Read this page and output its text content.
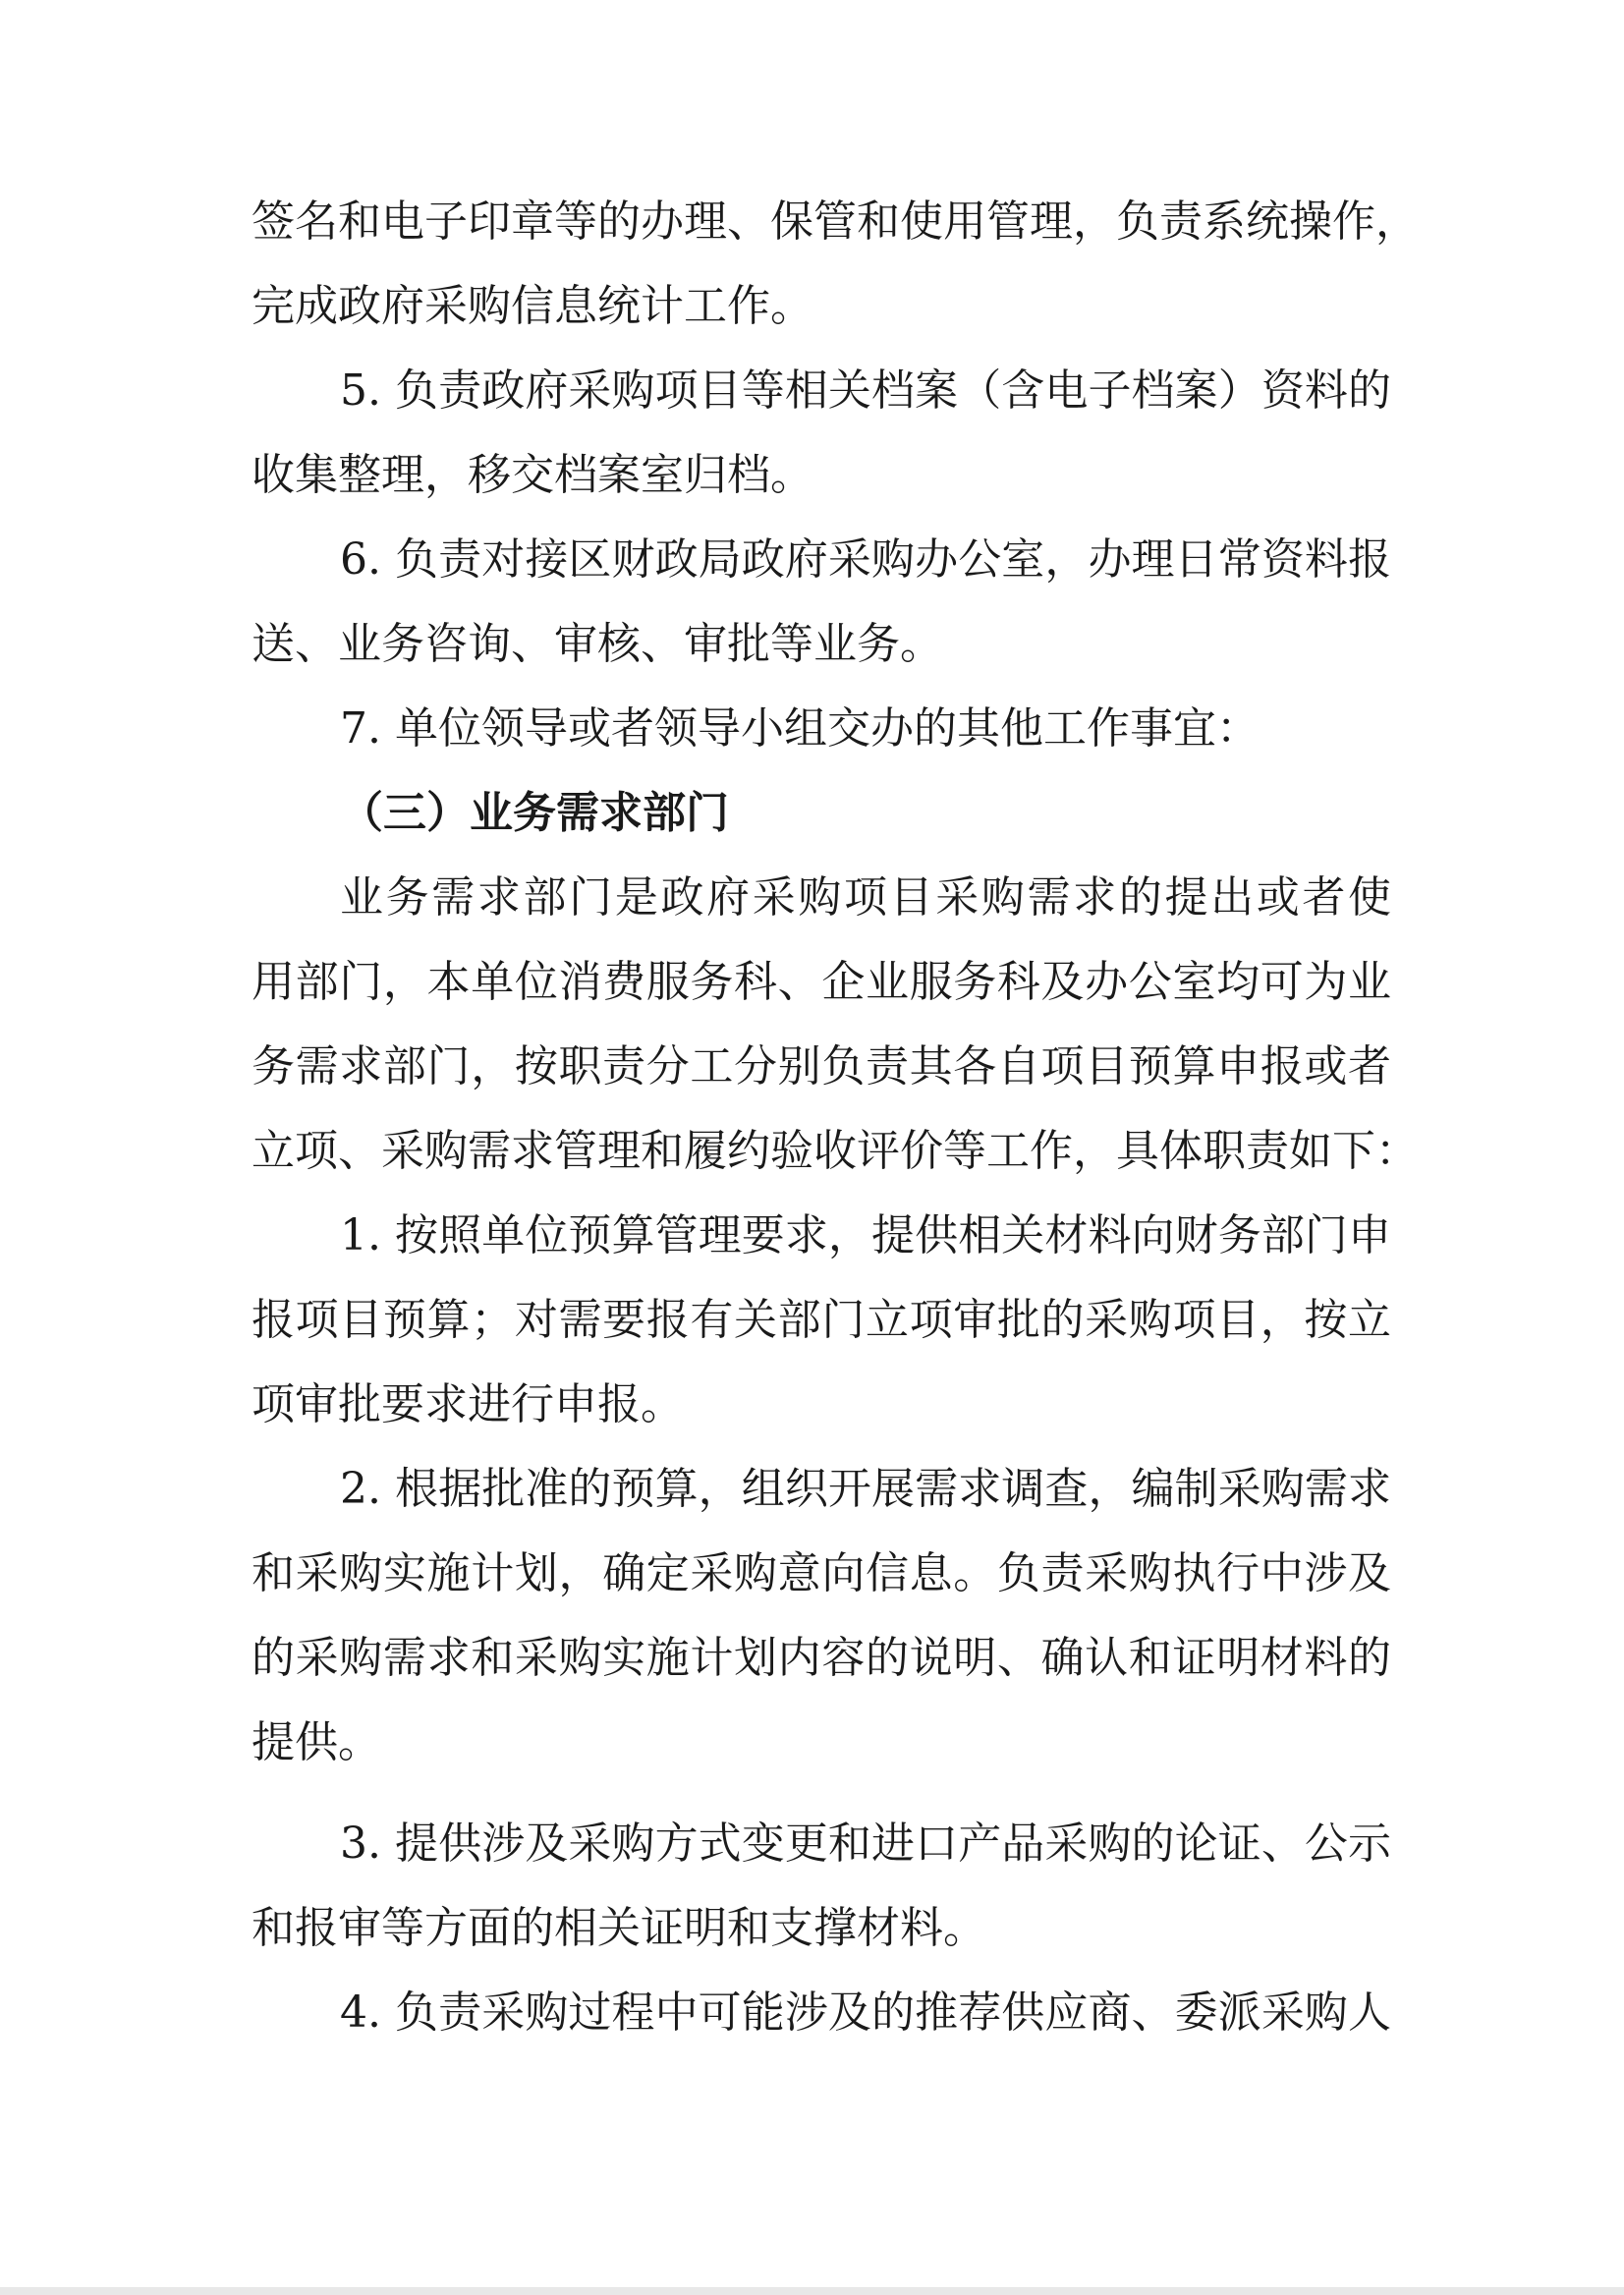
签名和电子印章等的办理、保管和使用管理，负责系统操作，
完成政府采购信息统计工作。
5. 负责政府采购项目等相关档案（含电子档案）资料的
收集整理，移交档案室归档。
6. 负责对接区财政局政府采购办公室，办理日常资料报
送、业务咨询、审核、审批等业务。
7. 单位领导或者领导小组交办的其他工作事宜：
（三）业务需求部门
业务需求部门是政府采购项目采购需求的提出或者使
用部门，本单位消费服务科、企业服务科及办公室均可为业
务需求部门，按职责分工分别负责其各自项目预算申报或者
立项、采购需求管理和履约验收评价等工作，具体职责如下：
1. 按照单位预算管理要求，提供相关材料向财务部门申
报项目预算；对需要报有关部门立项审批的采购项目，按立
项审批要求进行申报。
2. 根据批准的预算，组织开展需求调查，编制采购需求
和采购实施计划，确定采购意向信息。负责采购执行中涉及
的采购需求和采购实施计划内容的说明、确认和证明材料的
提供。
3. 提供涉及采购方式变更和进口产品采购的论证、公示
和报审等方面的相关证明和支撑材料。
4. 负责采购过程中可能涉及的推荐供应商、委派采购人
